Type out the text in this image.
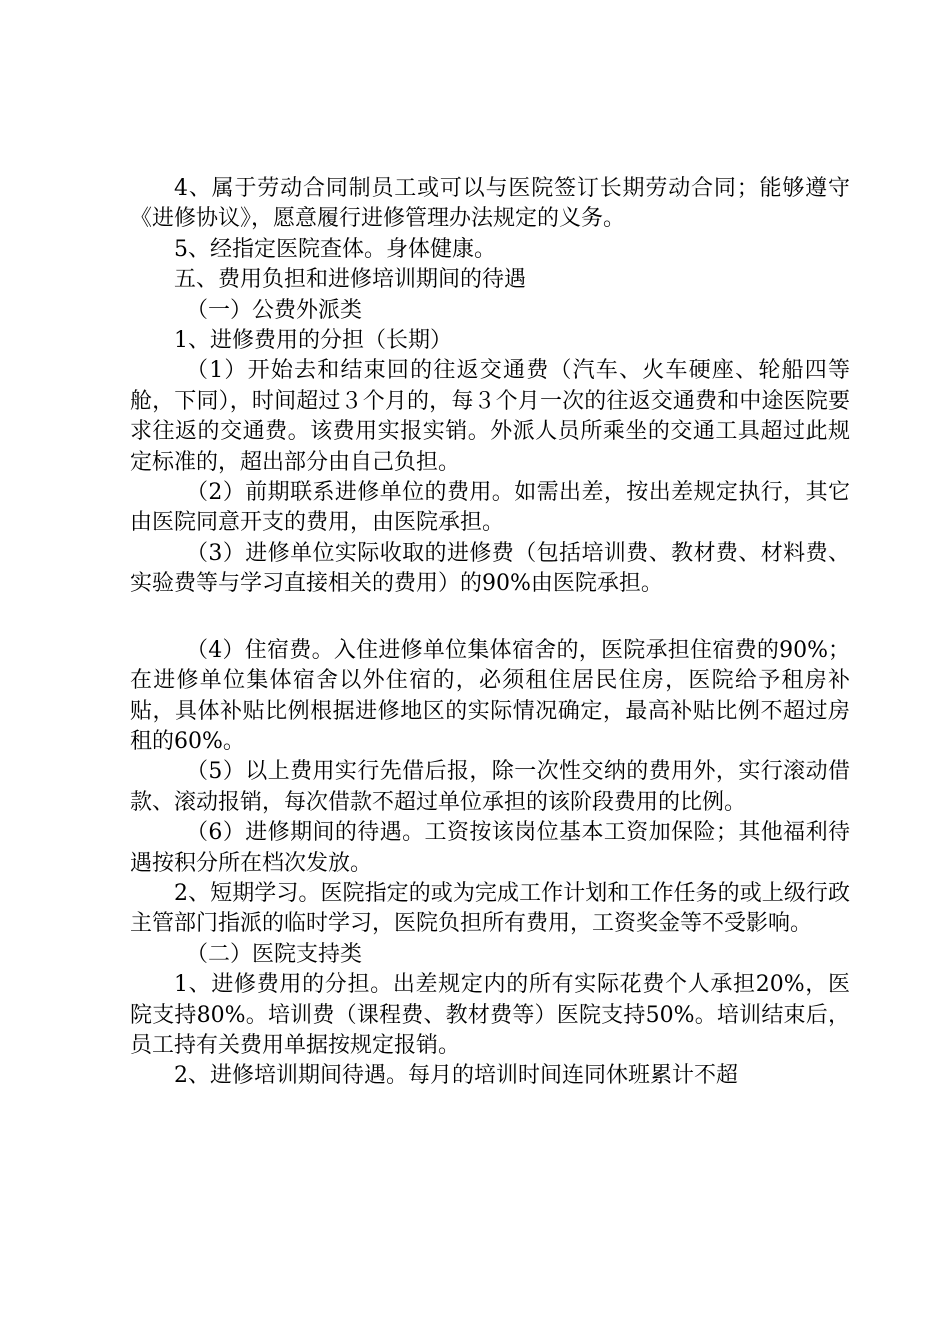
4、属于劳动合同制员工或可以与医院签订长期劳动合同；能够遵守《进修协议》，愿意履行进修管理办法规定的义务。

5、经指定医院查体。身体健康。

五、费用负担和进修培训期间的待遇

（一）公费外派类

1、进修费用的分担（长期）

（1）开始去和结束回的往返交通费（汽车、火车硬座、轮船四等舱，下同），时间超过３个月的，每３个月一次的往返交通费和中途医院要求往返的交通费。该费用实报实销。外派人员所乘坐的交通工具超过此规定标准的，超出部分由自己负担。

（2）前期联系进修单位的费用。如需出差，按出差规定执行，其它由医院同意开支的费用，由医院承担。

（3）进修单位实际收取的进修费（包括培训费、教材费、材料费、实验费等与学习直接相关的费用）的90%由医院承担。

（4）住宿费。入住进修单位集体宿舍的，医院承担住宿费的90%；在进修单位集体宿舍以外住宿的，必须租住居民住房，医院给予租房补贴，具体补贴比例根据进修地区的实际情况确定，最高补贴比例不超过房租的60%。

（5）以上费用实行先借后报，除一次性交纳的费用外，实行滚动借款、滚动报销，每次借款不超过单位承担的该阶段费用的比例。

（6）进修期间的待遇。工资按该岗位基本工资加保险；其他福利待遇按积分所在档次发放。

2、短期学习。医院指定的或为完成工作计划和工作任务的或上级行政主管部门指派的临时学习，医院负担所有费用，工资奖金等不受影响。

（二）医院支持类

1、进修费用的分担。出差规定内的所有实际花费个人承担20%，医院支持80%。培训费（课程费、教材费等）医院支持50%。培训结束后，员工持有关费用单据按规定报销。

2、进修培训期间待遇。每月的培训时间连同休班累计不超
